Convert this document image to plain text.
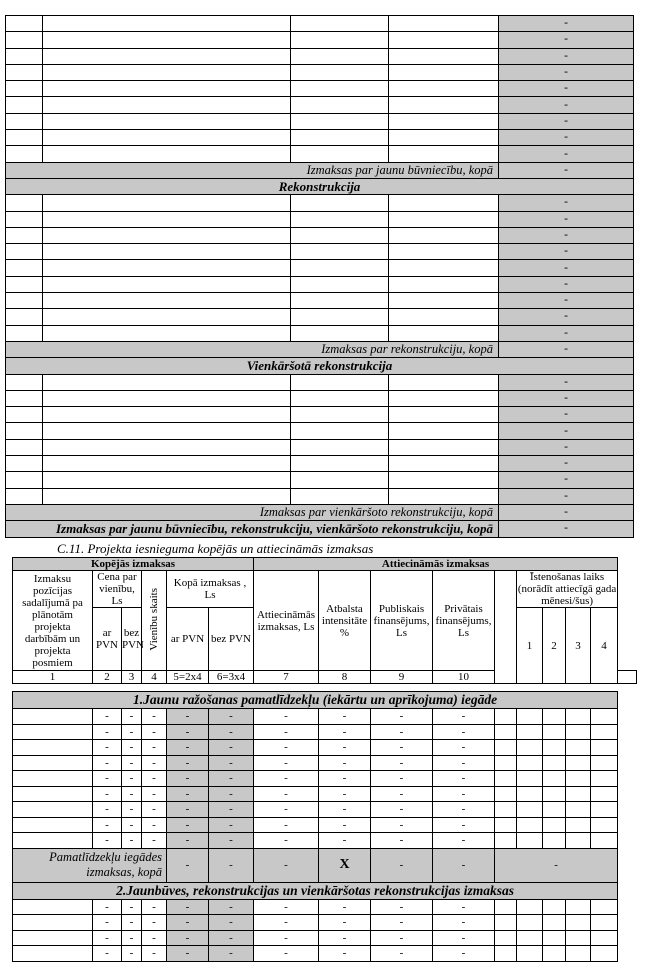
				-
				-
				-
				-
				-
				-
				-
				-
				-
Izmaksas par jaunu būvniecību, kopā				-
Rekonstrukcija				
				-
				-
				-
				-
				-
				-
				-
				-
				-
Izmaksas par rekonstrukciju, kopā				-
Vienkāršotā rekonstrukcija				
				-
				-
				-
				-
				-
				-
				-
				-
Izmaksas par vienkāršoto rekonstrukciju, kopā				-
Izmaksas par jaunu būvniecību, rekonstrukciju, vienkāršoto rekonstrukciju, kopā				-
C.11. Projekta iesnieguma kopējās un attiecināmās izmaksas
Kopējās izmaksas						Attiecināmās izmaksas									
Izmaksu pozīcijas sadalījumā pa plānotām projekta darbībām un projekta posmiem	Cena par vienību, Ls		Vienību skaits	Kopā izmaksas , Ls		Attiecināmās izmaksas, Ls	Atbalsta intensitāte %	Publiskais finansējums, Ls	Privātais finansējums, Ls		Īstenošanas laiks (norādīt attiecīgā gada mēnesi/šus)				
	ar PVN	bez PVN		ar PVN	bez PVN						1	2	3	4	
1	2	3	4	5=2x4	6=3x4	7	8	9	10						

1.Jaunu ražošanas pamatlīdzekļu (iekārtu un aprīkojuma) iegāde															
	-	-	-	-	-	-	-	-	-						
	-	-	-	-	-	-	-	-	-						
	-	-	-	-	-	-	-	-	-						
	-	-	-	-	-	-	-	-	-						
	-	-	-	-	-	-	-	-	-						
	-	-	-	-	-	-	-	-	-						
	-	-	-	-	-	-	-	-	-						
	-	-	-	-	-	-	-	-	-						
	-	-	-	-	-	-	-	-	-						
Pamatlīdzekļu iegādes izmaksas, kopā				-	-	-	X	-	-	-					
2.Jaunbūves, rekonstrukcijas un vienkāršotas rekonstrukcijas izmaksas															
	-	-	-	-	-	-	-	-	-						
	-	-	-	-	-	-	-	-	-						
	-	-	-	-	-	-	-	-	-						
	-	-	-	-	-	-	-	-	-						
